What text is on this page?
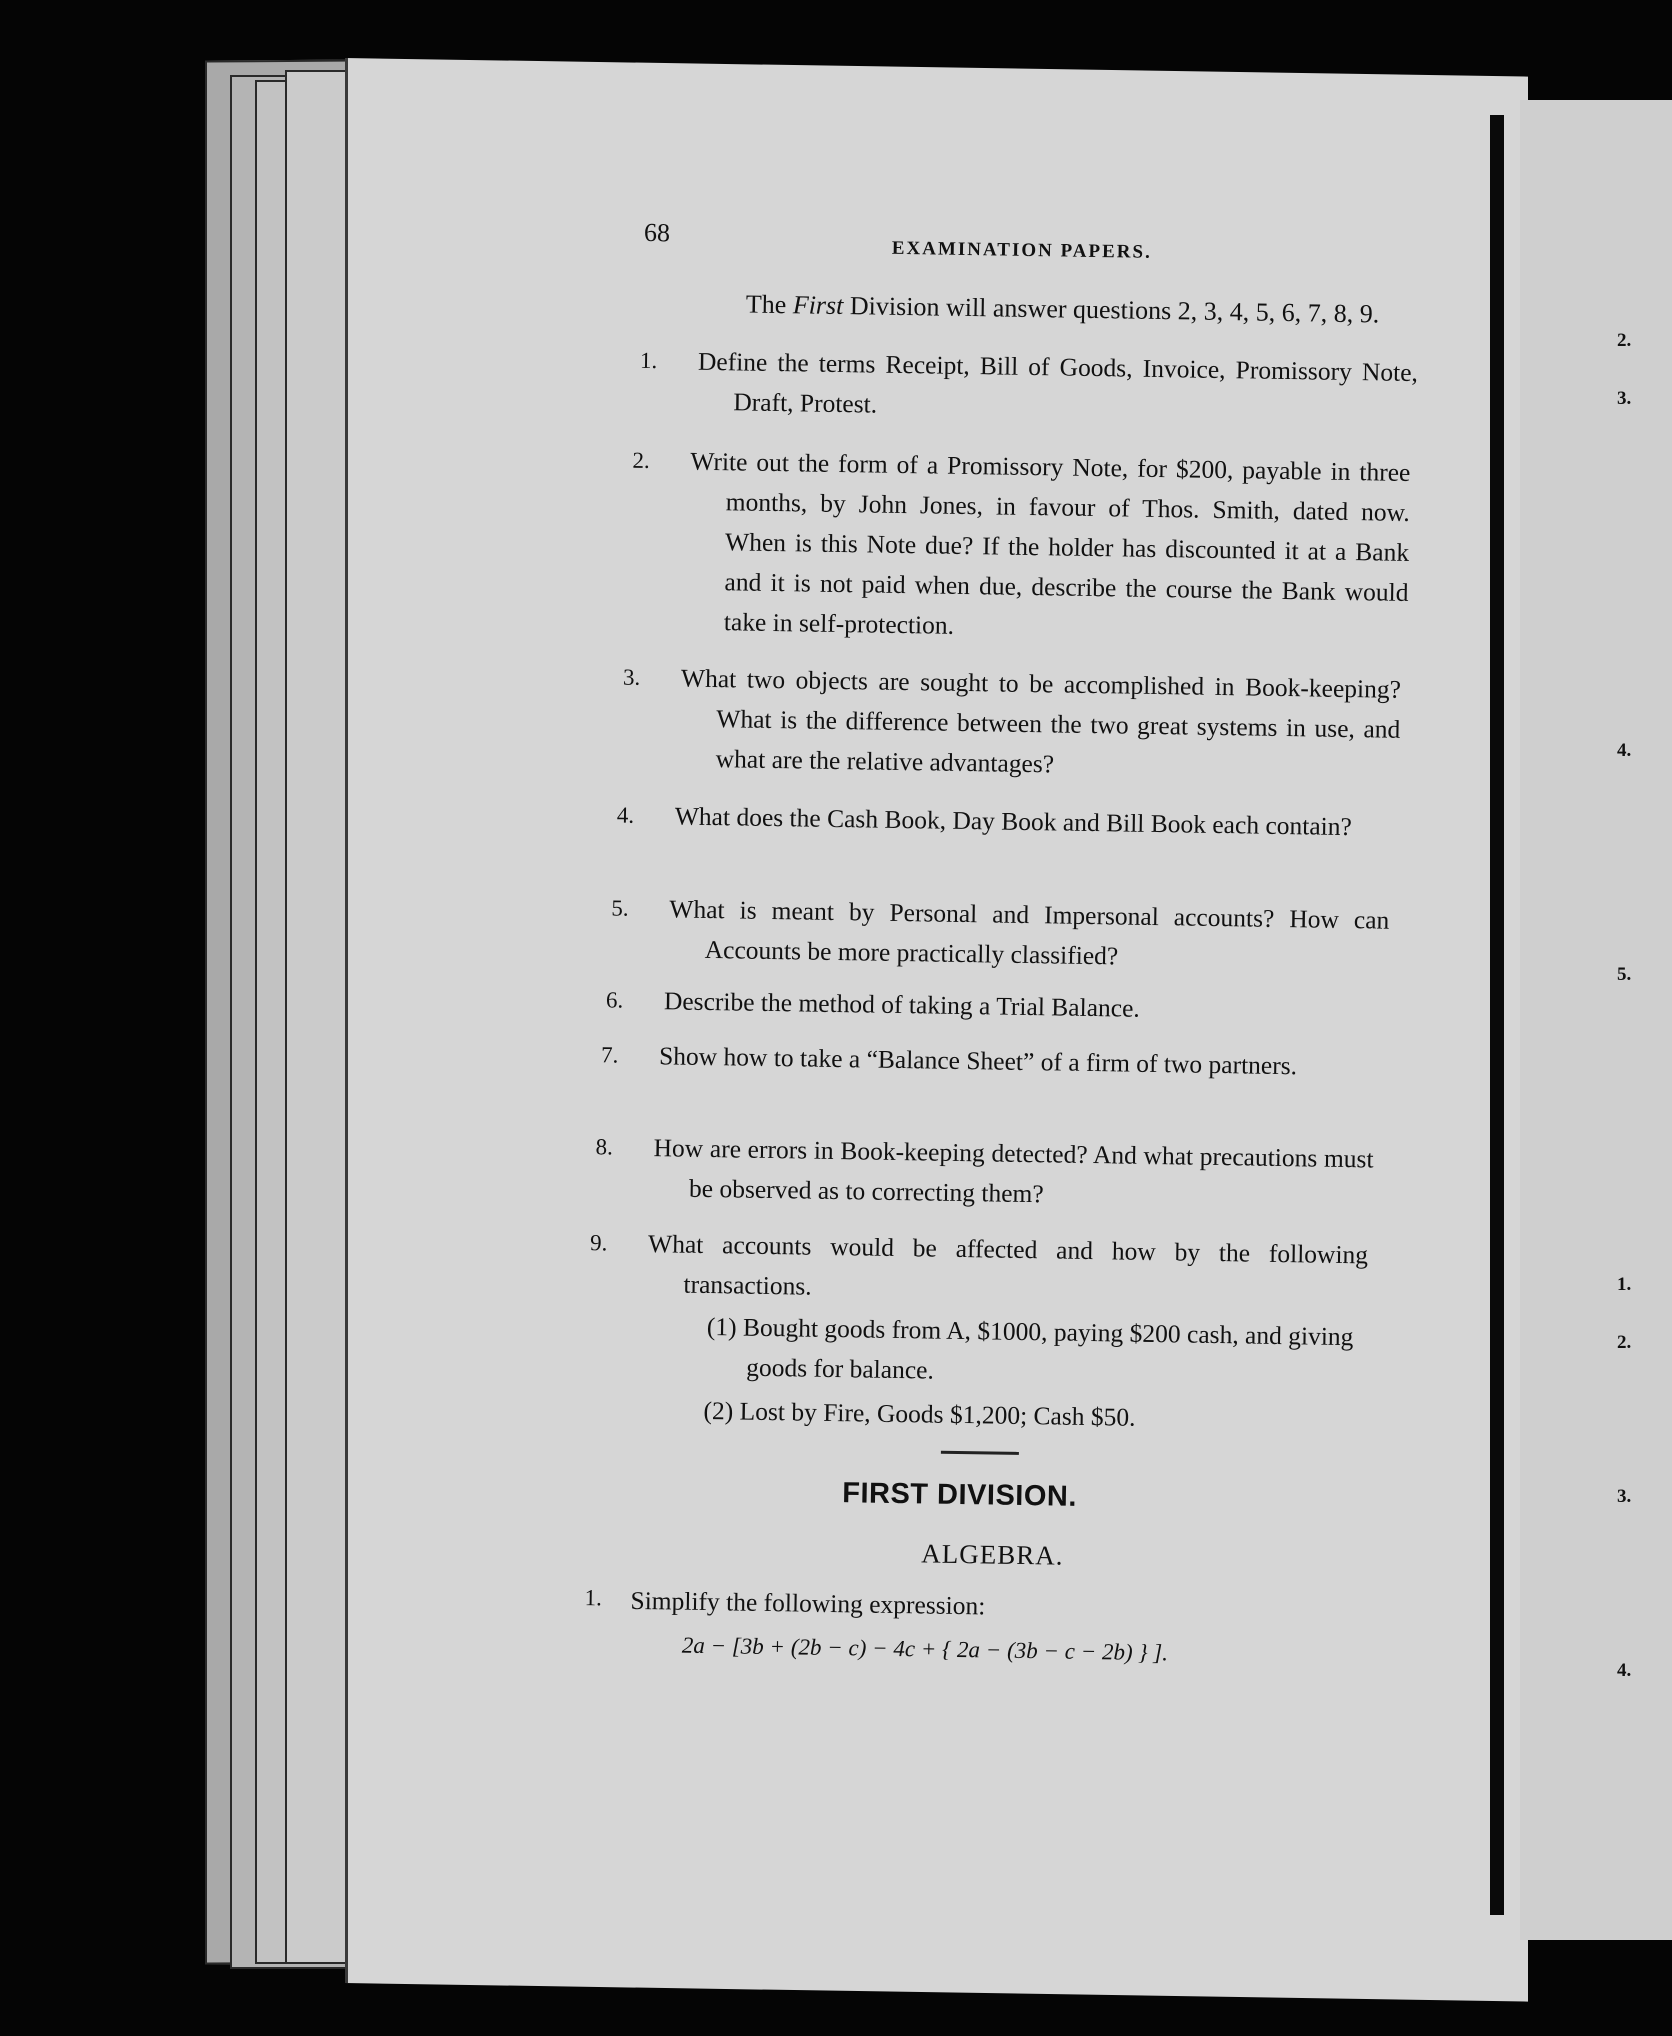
68
EXAMINATION PAPERS.
The First Division will answer questions 2, 3, 4, 5, 6, 7, 8, 9.
1. Define the terms Receipt, Bill of Goods, Invoice, Promissory Note, Draft, Protest.
2. Write out the form of a Promissory Note, for $200, payable in three months, by John Jones, in favour of Thos. Smith, dated now. When is this Note due? If the holder has discounted it at a Bank and it is not paid when due, describe the course the Bank would take in self-protection.
3. What two objects are sought to be accomplished in Book-keeping? What is the difference between the two great systems in use, and what are the relative advantages?
4. What does the Cash Book, Day Book and Bill Book each contain?
5. What is meant by Personal and Impersonal accounts? How can Accounts be more practically classified?
6. Describe the method of taking a Trial Balance.
7. Show how to take a “Balance Sheet” of a firm of two partners.
8. How are errors in Book-keeping detected? And what precautions must be observed as to correcting them?
9. What accounts would be affected and how by the following transactions.
(1) Bought goods from A, $1000, paying $200 cash, and giving goods for balance.
(2) Lost by Fire, Goods $1,200; Cash $50.
FIRST DIVISION.
ALGEBRA.
1. Simplify the following expression:
2a − [3b + (2b − c) − 4c + { 2a − (3b − c − 2b) } ].
2.
3.
4.
5.
1.
2.
3.
4.
